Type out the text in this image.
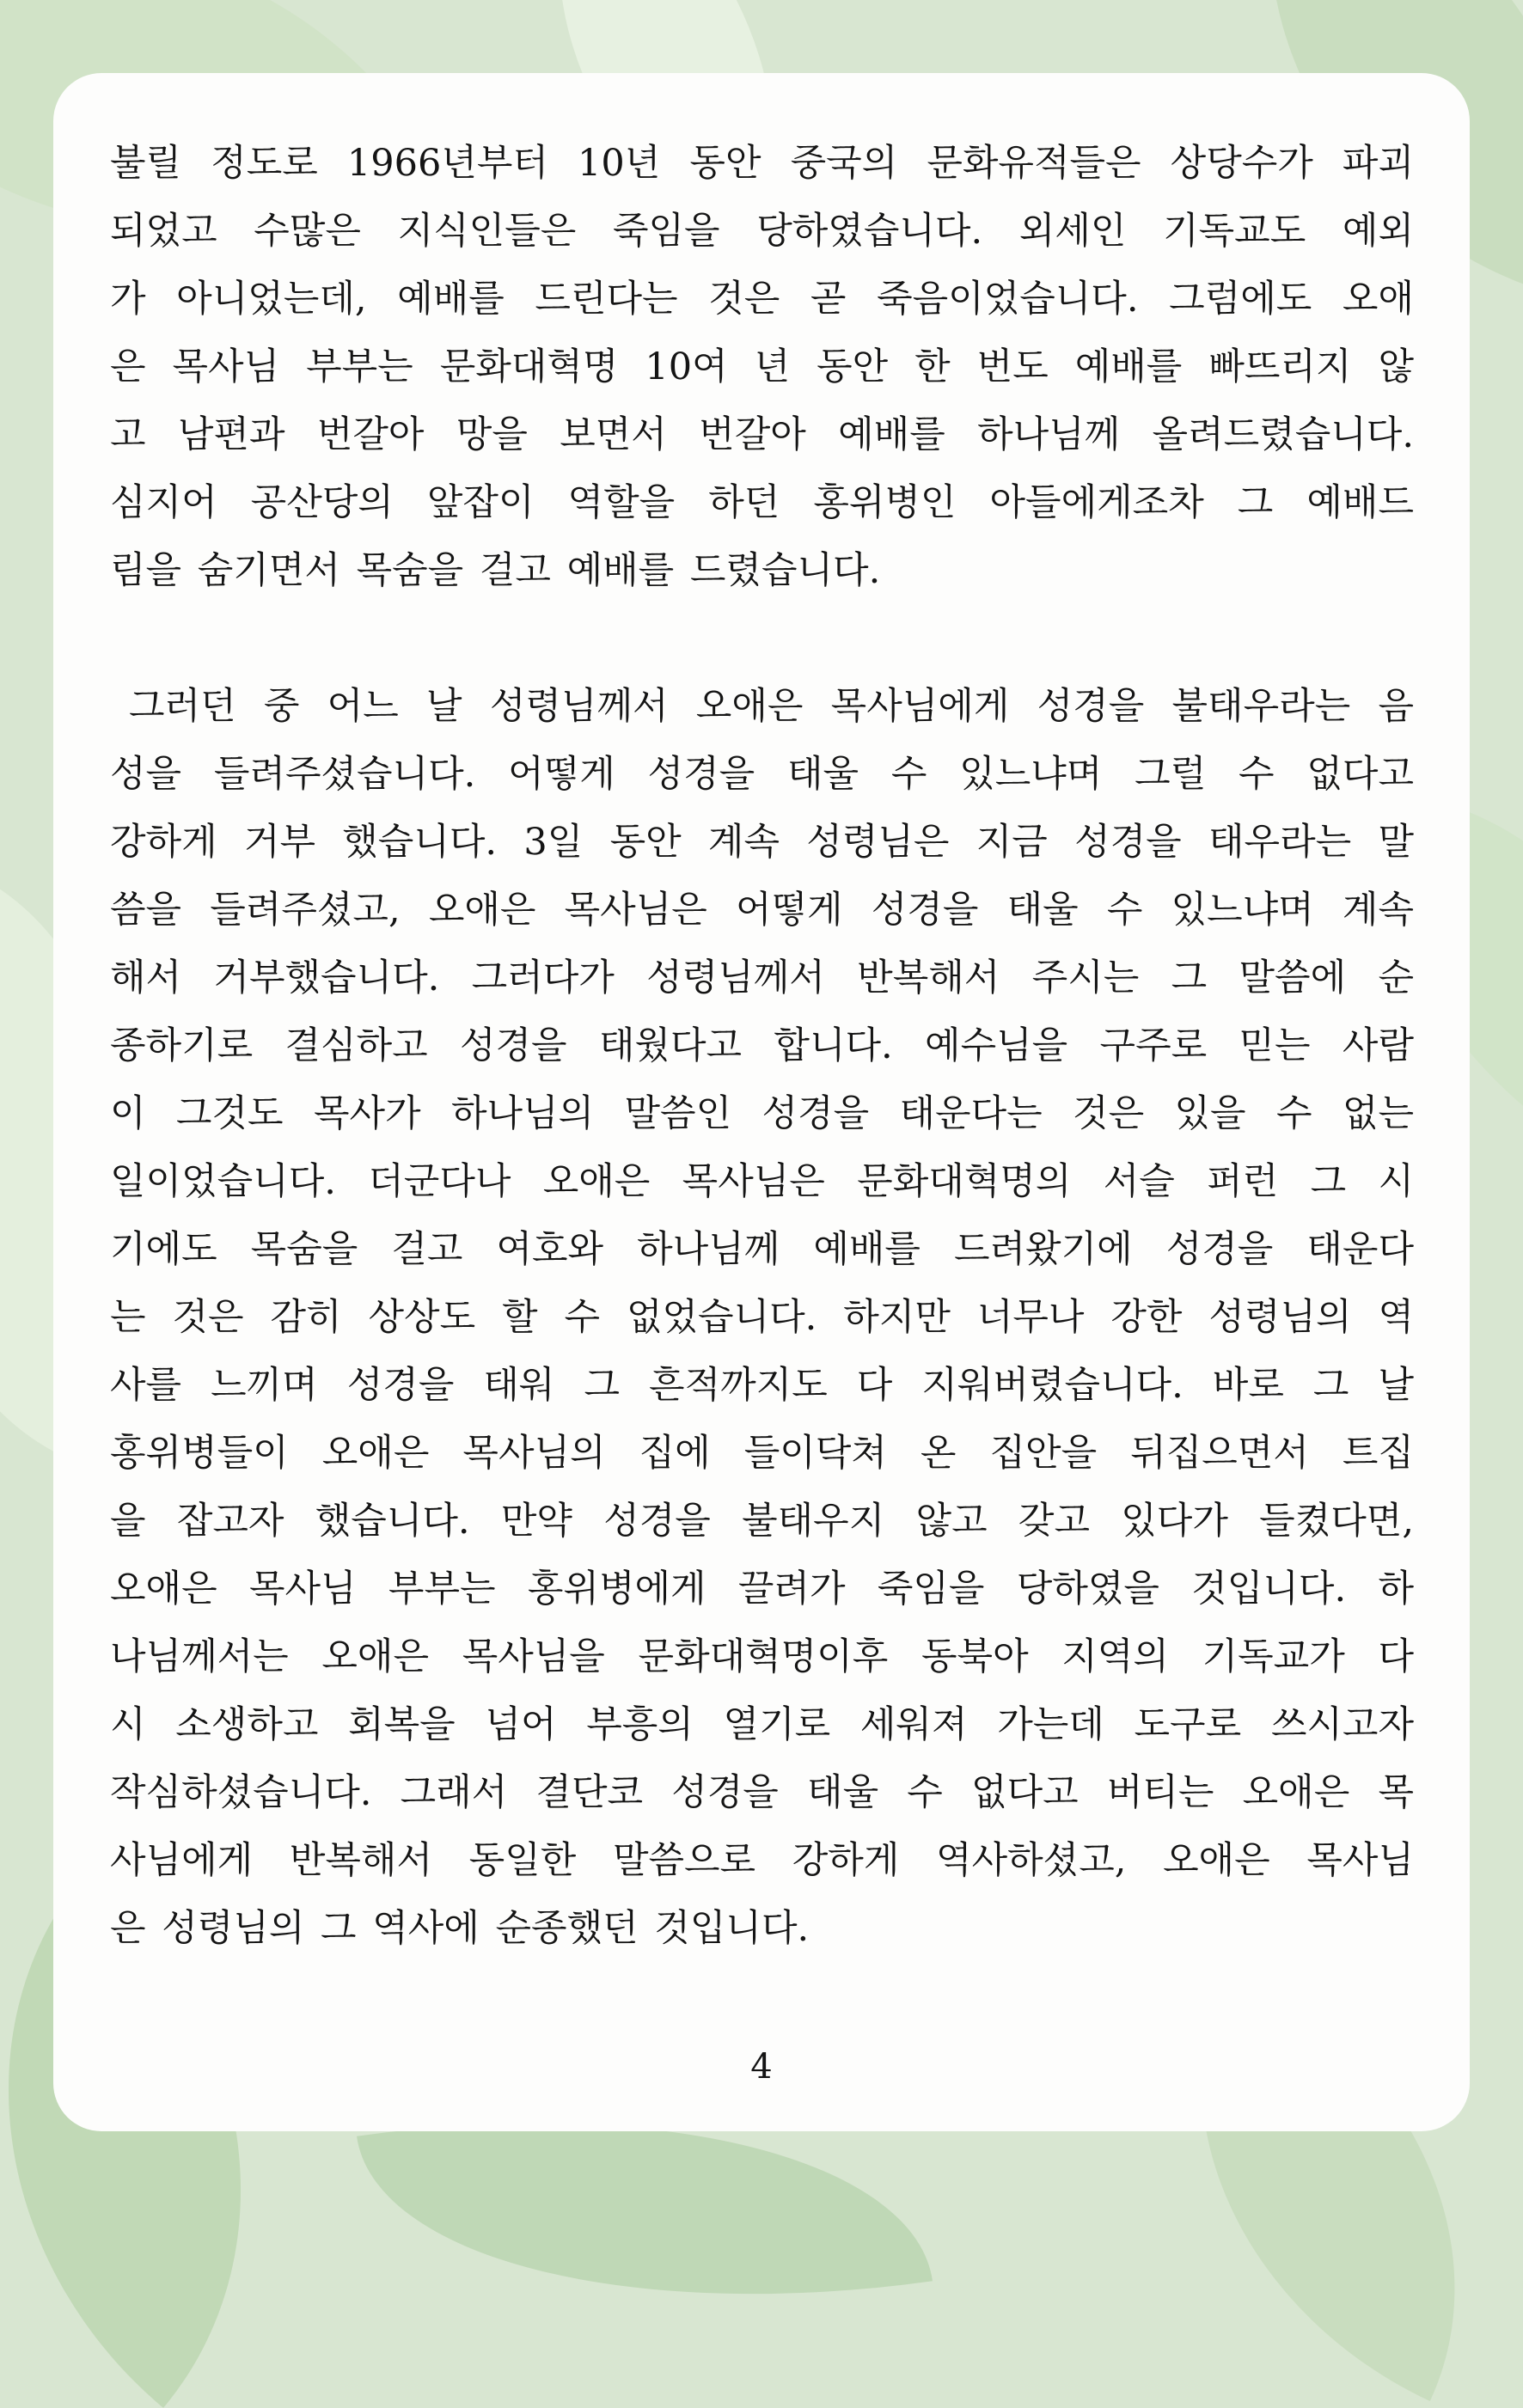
불릴 정도로 1966년부터 10년 동안 중국의 문화유적들은 상당수가 파괴
되었고 수많은 지식인들은 죽임을 당하였습니다. 외세인 기독교도 예외
가 아니었는데, 예배를 드린다는 것은 곧 죽음이었습니다. 그럼에도 오애
은 목사님 부부는 문화대혁명 10여 년 동안 한 번도 예배를 빠뜨리지 않
고 남편과 번갈아 망을 보면서 번갈아 예배를 하나님께 올려드렸습니다.
심지어 공산당의 앞잡이 역할을 하던 홍위병인 아들에게조차 그 예배드
림을 숨기면서 목숨을 걸고 예배를 드렸습니다.
그러던 중 어느 날 성령님께서 오애은 목사님에게 성경을 불태우라는 음
성을 들려주셨습니다. 어떻게 성경을 태울 수 있느냐며 그럴 수 없다고
강하게 거부 했습니다. 3일 동안 계속 성령님은 지금 성경을 태우라는 말
씀을 들려주셨고, 오애은 목사님은 어떻게 성경을 태울 수 있느냐며 계속
해서 거부했습니다. 그러다가 성령님께서 반복해서 주시는 그 말씀에 순
종하기로 결심하고 성경을 태웠다고 합니다. 예수님을 구주로 믿는 사람
이 그것도 목사가 하나님의 말씀인 성경을 태운다는 것은 있을 수 없는
일이었습니다. 더군다나 오애은 목사님은 문화대혁명의 서슬 퍼런 그 시
기에도 목숨을 걸고 여호와 하나님께 예배를 드려왔기에 성경을 태운다
는 것은 감히 상상도 할 수 없었습니다. 하지만 너무나 강한 성령님의 역
사를 느끼며 성경을 태워 그 흔적까지도 다 지워버렸습니다. 바로 그 날
홍위병들이 오애은 목사님의 집에 들이닥쳐 온 집안을 뒤집으면서 트집
을 잡고자 했습니다. 만약 성경을 불태우지 않고 갖고 있다가 들켰다면,
오애은 목사님 부부는 홍위병에게 끌려가 죽임을 당하였을 것입니다. 하
나님께서는 오애은 목사님을 문화대혁명이후 동북아 지역의 기독교가 다
시 소생하고 회복을 넘어 부흥의 열기로 세워져 가는데 도구로 쓰시고자
작심하셨습니다. 그래서 결단코 성경을 태울 수 없다고 버티는 오애은 목
사님에게 반복해서 동일한 말씀으로 강하게 역사하셨고, 오애은 목사님
은 성령님의 그 역사에 순종했던 것입니다.
4
